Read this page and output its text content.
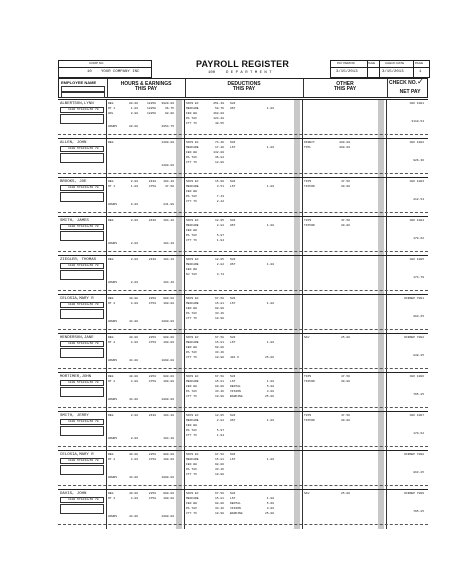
COMP NO.
10 YOUR COMPANY INC
PAYROLL REGISTER
100	D E P A R T M E N T
PAY PERIOD	PAGE	CHECK DATE	PAGE
3/15/2013	3/15/2013	1
EMPLOYEE NAME	HOURS & EARNINGS
THIS PAY
DEDUCTIONS
THIS PAY
OTHER
THIS PAY
CHECK NO. ✓
NET PAY
ALBERTSON,LYNN
1100 571234+56 78
REG	80.00	12250	3920.00
OT 1	1.00	12250	36.75
HOL	8.00	12250	98.00
HOURS	89.00	4054.75
SOCS EC	251.39 SUI
MEDCARE	58.79 UST	1.00
FED WH	468.00
PA TAX	124.48
CTY TX	40.55
CHK 1001
3110.54
ALLEN, JOHN
1100 571234+56 78
REG	1200.00
1200.00
SOCS EC	74.40 SUI
MEDCARE	17.40 LST	1.00
FED WH	132.00
PA TAX	36.84
CTY TX	12.00
DIRECT	200.00
TOTL	200.00
CHK 1002
926.36
BROOKS, JOE
1100 571234+56 78
REG	8.00	2430	194.40
OT 1	1.00	4750	47.50
HOURS	9.00	241.90
SOCS EC	15.00 SUI
MEDCARE	3.51 LST	1.00
FED WH
PA TAX	7.43
CTY TX	2.42
TIPS	47.50
TIPCRD	30.00
CHK 1003
212.54
SMITH, JAMES
1100 571234+56 78
REG	8.00	2430	194.40
HOURS	8.00	194.40
SOCS EC	12.05 SUI
MEDCARE	2.82 UST	1.00
FED WH
PA TAX	5.97
CTY TX	1.94
TIPS	47.50
TIPCRD	30.00
CHK 1004
170.62
ZIEGLER, THOMAS
1100 571234+56 78
REG	8.00	2430	194.40
HOURS	8.00	194.40
SOCS EC	12.05 SUI
MEDCARE	2.82 UST	1.00
FED WH
NJ TAX	3.74
CHK 1005
174.79
CELOSIA,MARY R
1100 571234+56 78
REG	40.00	2250	900.00
OT 2	4.00	4750	190.00
HOURS	44.00	1090.00
SOCS EC	67.58 SUI
MEDCARE	15.81 LST	1.00
FED WH	98.00
PA TAX	33.46
CTY TX	10.90
DIRDEP 7001
863.25
HENDERSON,JANE
1100 571234+56 78
REG	40.00	2250	900.00
OT 2	4.00	4750	190.00
HOURS	44.00	1090.00
SOCS EC	67.58 SUI
MEDCARE	15.81 LST	1.00
FED WH	98.00
PA TAX	33.46
CTY TX	10.90 401 K	25.00
SAV	25.00	DIRDEP 7002
838.25
MORTIMER,JOHN
1100 571234+56 78
REG	40.00	2250	900.00
OT 2	4.00	4750	190.00
HOURS	44.00	1090.00
SOCS EC	67.58 SUI
MEDCARE	15.81 LST	1.00
FED WH	98.00 DENTAL	5.00
PA TAX	33.46 VISION	3.00
CTY TX	10.90 BANKING	25.00
TIPS	47.50
TIPCRD	30.00
CHK 1006
795.25
SMITH, JERRY
1100 571234+56 78
REG	8.00	2430	194.40
HOURS	8.00	194.40
SOCS EC	12.05 SUI
MEDCARE	2.82 UST	1.00
FED WH
PA TAX	5.97
CTY TX	1.94
TIPS	47.50
TIPCRD	30.00
CHK 1007
170.62
CELOSIA,MARY R
1100 571234+56 78
REG	40.00	2250	900.00
OT 2	4.00	4750	190.00
HOURS	44.00	1090.00
SOCS EC	67.58 SUI
MEDCARE	15.81 LST	1.00
FED WH	98.00
PA TAX	33.46
CTY TX	10.90
DIRDEP 7008
863.25
DAVIS, JOHN
1100 571234+56 78
REG	40.00	2250	900.00
OT 2	4.00	4750	190.00
HOURS	44.00	1090.00
SOCS EC	67.58 SUI
MEDCARE	15.81 LST	1.00
FED WH	98.00 DENTAL	5.00
PA TAX	33.46 VISION	3.00
CTY TX	10.90 BANKING	25.00
SAV	25.00	DIRDEP 7009
795.25
